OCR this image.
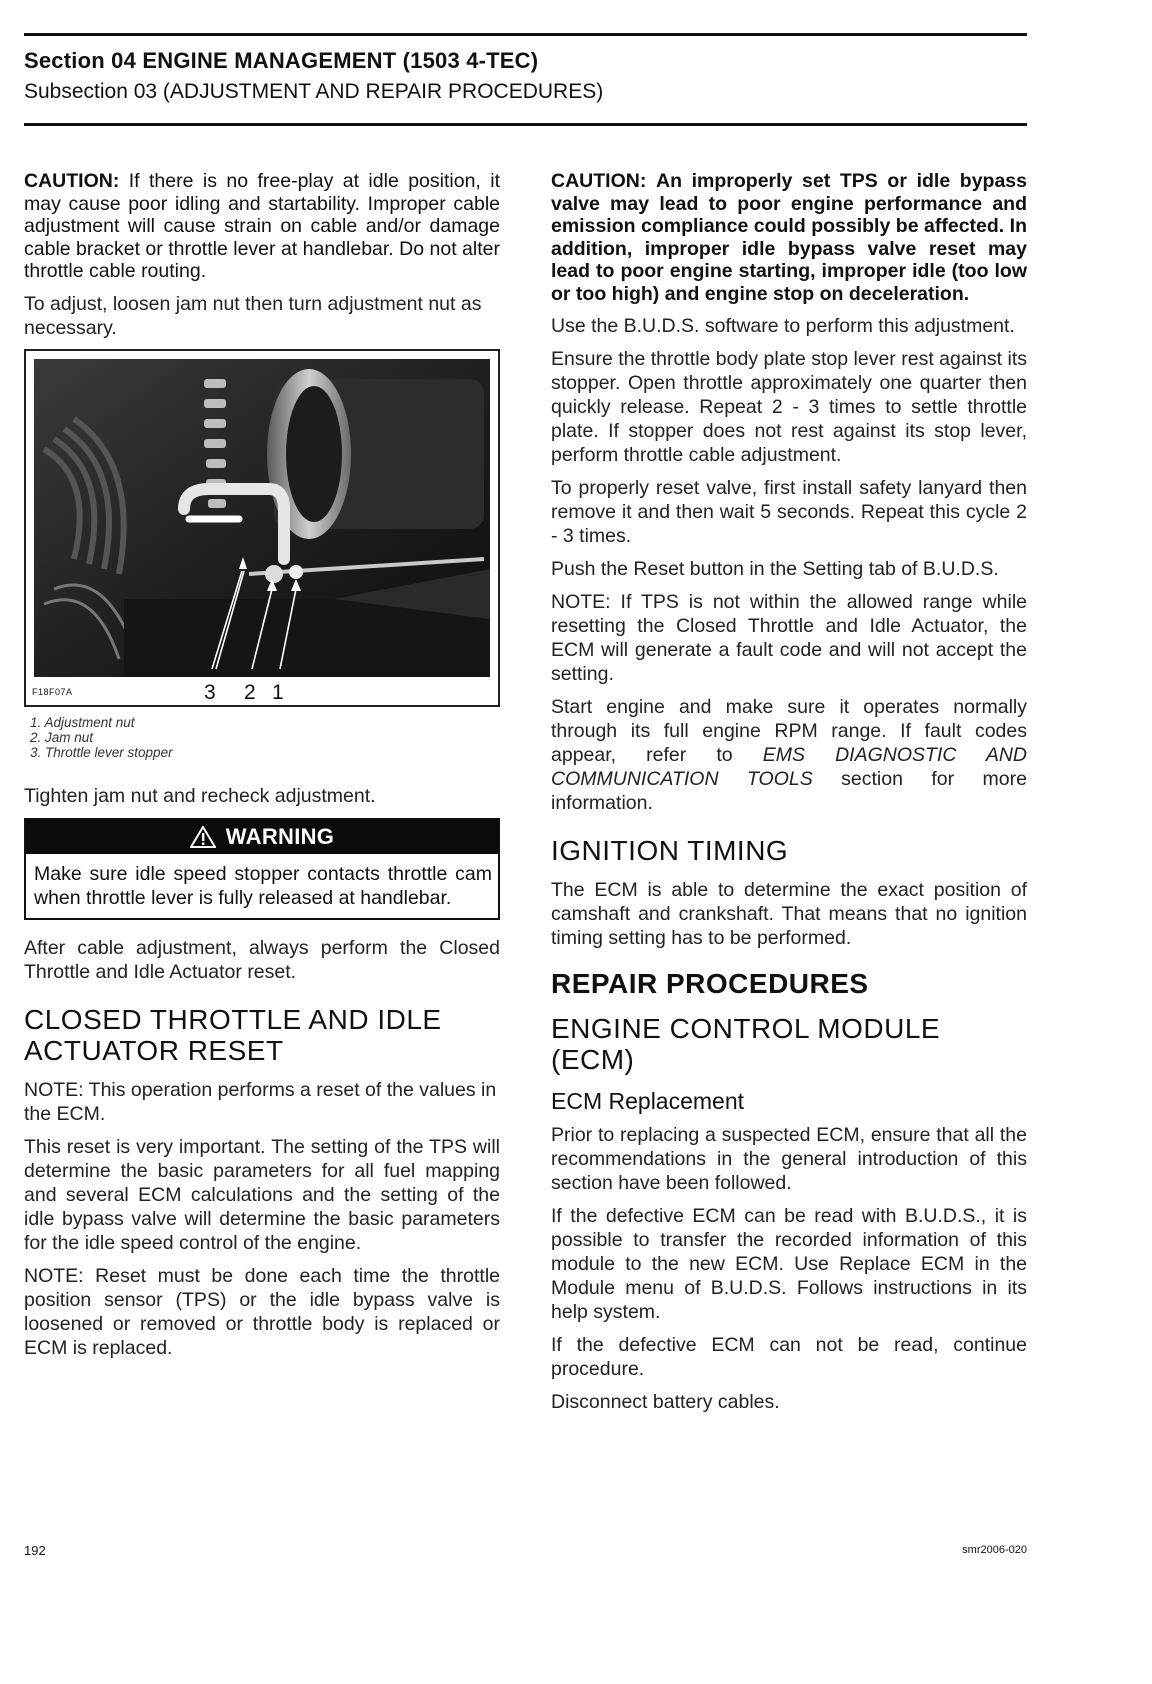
Section 04 ENGINE MANAGEMENT (1503 4-TEC)
Subsection 03 (ADJUSTMENT AND REPAIR PROCEDURES)

CAUTION: If there is no free-play at idle position, it may cause poor idling and startability. Improper cable adjustment will cause strain on cable and/or damage cable bracket or throttle lever at handlebar. Do not alter throttle cable routing.

To adjust, loosen jam nut then turn adjustment nut as necessary.

F18F07A	3 2 1
1. Adjustment nut
2. Jam nut
3. Throttle lever stopper

Tighten jam nut and recheck adjustment.

WARNING
Make sure idle speed stopper contacts throttle cam when throttle lever is fully released at handlebar.

After cable adjustment, always perform the Closed Throttle and Idle Actuator reset.

CLOSED THROTTLE AND IDLE ACTUATOR RESET

NOTE: This operation performs a reset of the values in the ECM.

This reset is very important. The setting of the TPS will determine the basic parameters for all fuel mapping and several ECM calculations and the setting of the idle bypass valve will determine the basic parameters for the idle speed control of the engine.

NOTE: Reset must be done each time the throttle position sensor (TPS) or the idle bypass valve is loosened or removed or throttle body is replaced or ECM is replaced.

CAUTION: An improperly set TPS or idle bypass valve may lead to poor engine performance and emission compliance could possibly be affected. In addition, improper idle bypass valve reset may lead to poor engine starting, improper idle (too low or too high) and engine stop on deceleration.

Use the B.U.D.S. software to perform this adjustment.

Ensure the throttle body plate stop lever rest against its stopper. Open throttle approximately one quarter then quickly release. Repeat 2 - 3 times to settle throttle plate. If stopper does not rest against its stop lever, perform throttle cable adjustment.

To properly reset valve, first install safety lanyard then remove it and then wait 5 seconds. Repeat this cycle 2 - 3 times.

Push the Reset button in the Setting tab of B.U.D.S.

NOTE: If TPS is not within the allowed range while resetting the Closed Throttle and Idle Actuator, the ECM will generate a fault code and will not accept the setting.

Start engine and make sure it operates normally through its full engine RPM range. If fault codes appear, refer to EMS DIAGNOSTIC AND COMMUNICATION TOOLS section for more information.

IGNITION TIMING

The ECM is able to determine the exact position of camshaft and crankshaft. That means that no ignition timing setting has to be performed.

REPAIR PROCEDURES
ENGINE CONTROL MODULE (ECM)
ECM Replacement

Prior to replacing a suspected ECM, ensure that all the recommendations in the general introduction of this section have been followed.

If the defective ECM can be read with B.U.D.S., it is possible to transfer the recorded information of this module to the new ECM. Use Replace ECM in the Module menu of B.U.D.S. Follows instructions in its help system.

If the defective ECM can not be read, continue procedure.

Disconnect battery cables.

192	smr2006-020
